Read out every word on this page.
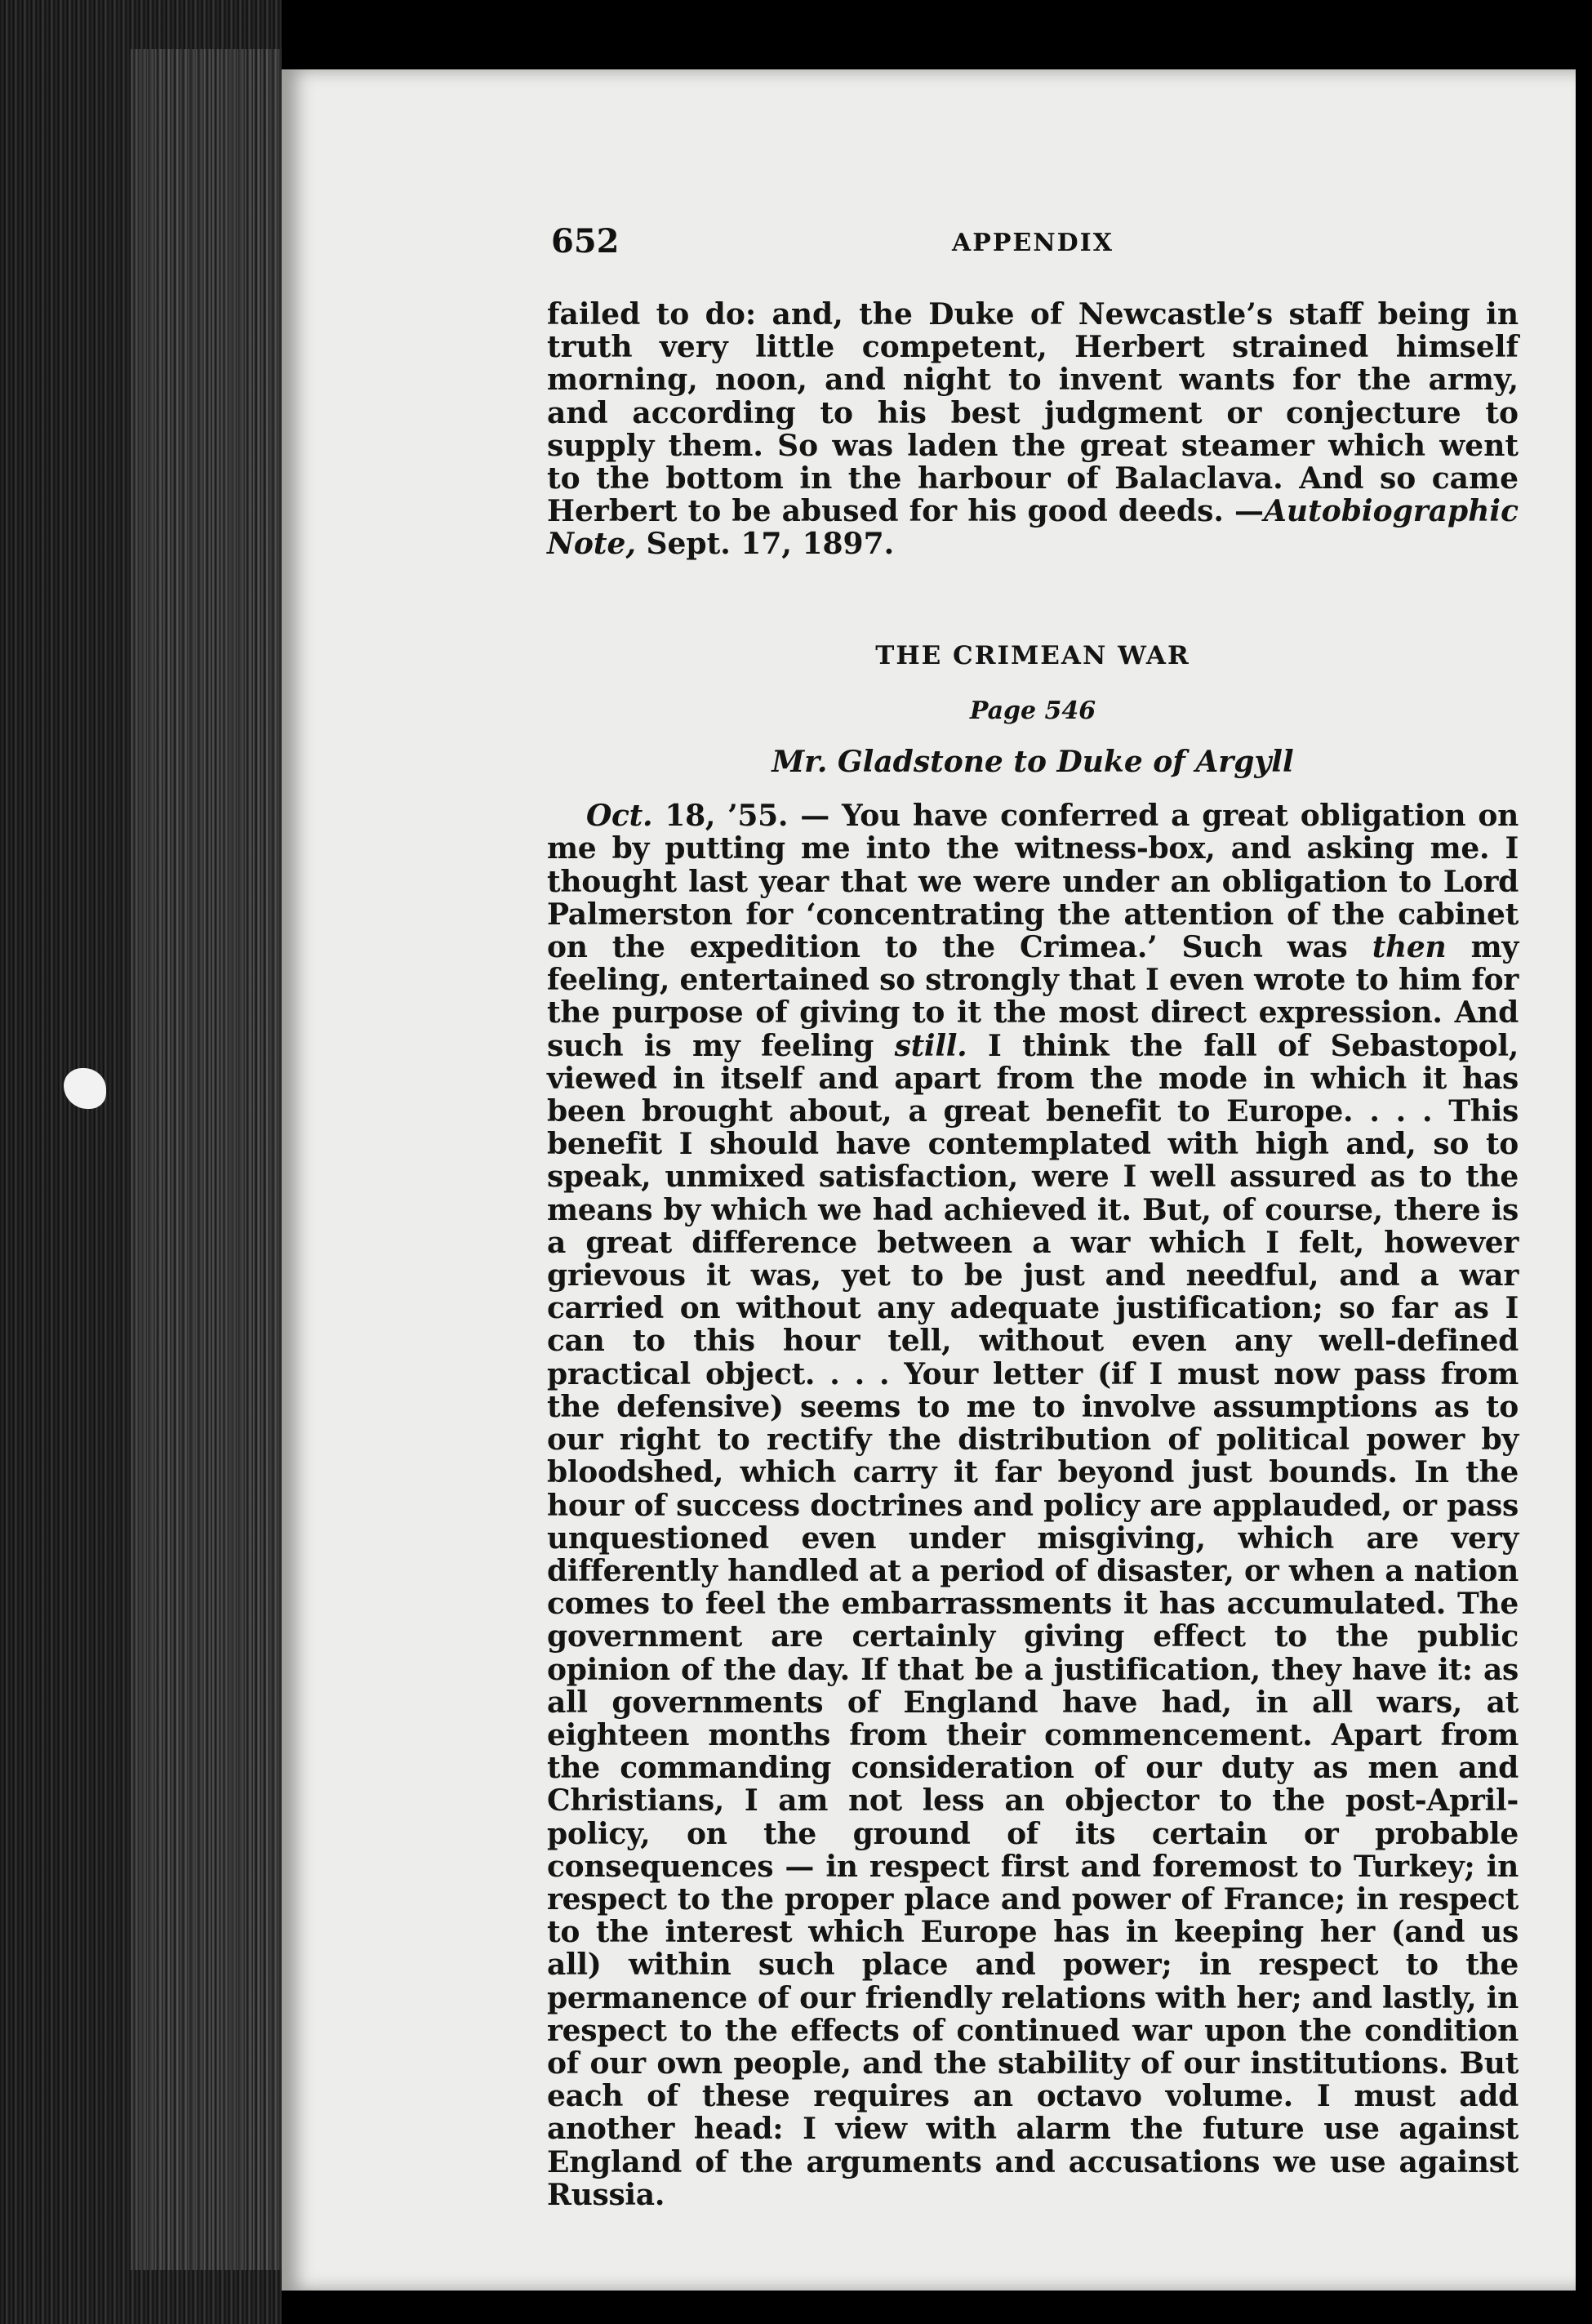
652	APPENDIX

failed to do: and, the Duke of Newcastle’s staff being in truth very little competent, Herbert strained himself morning, noon, and night to invent wants for the army, and according to his best judgment or conjecture to supply them. So was laden the great steamer which went to the bottom in the harbour of Balaclava. And so came Herbert to be abused for his good deeds. —Autobiographic Note, Sept. 17, 1897.

THE CRIMEAN WAR
Page 546
Mr. Gladstone to Duke of Argyll

Oct. 18, ’55. — You have conferred a great obligation on me by putting me into the witness-box, and asking me. I thought last year that we were under an obligation to Lord Palmerston for ‘concentrating the attention of the cabinet on the expedition to the Crimea.’ Such was then my feeling, entertained so strongly that I even wrote to him for the purpose of giving to it the most direct expression. And such is my feeling still. I think the fall of Sebastopol, viewed in itself and apart from the mode in which it has been brought about, a great benefit to Europe. . . . This benefit I should have contemplated with high and, so to speak, unmixed satisfaction, were I well assured as to the means by which we had achieved it. But, of course, there is a great difference between a war which I felt, however grievous it was, yet to be just and needful, and a war carried on without any adequate justification; so far as I can to this hour tell, without even any well-defined practical object. . . . Your letter (if I must now pass from the defensive) seems to me to involve assumptions as to our right to rectify the distribution of political power by bloodshed, which carry it far beyond just bounds. In the hour of success doctrines and policy are applauded, or pass unquestioned even under misgiving, which are very differently handled at a period of disaster, or when a nation comes to feel the embarrassments it has accumulated. The government are certainly giving effect to the public opinion of the day. If that be a justification, they have it: as all governments of England have had, in all wars, at eighteen months from their commencement. Apart from the commanding consideration of our duty as men and Christians, I am not less an objector to the post-April-policy, on the ground of its certain or probable consequences — in respect first and foremost to Turkey; in respect to the proper place and power of France; in respect to the interest which Europe has in keeping her (and us all) within such place and power; in respect to the permanence of our friendly relations with her; and lastly, in respect to the effects of continued war upon the condition of our own people, and the stability of our institutions. But each of these requires an octavo volume. I must add another head: I view with alarm the future use against England of the arguments and accusations we use against Russia.
